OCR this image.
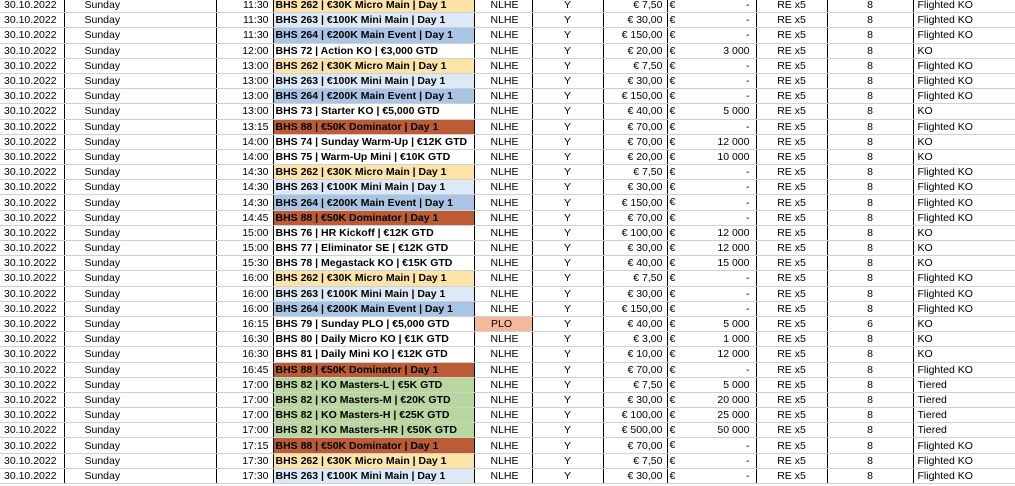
30.10.2022	Sunday	11:30	BHS 262 | €30K Micro Main | Day 1	NLHE	Y	€ 7,50	€ -	RE x5	8	Flighted KO
30.10.2022	Sunday	11:30	BHS 263 | €100K Mini Main | Day 1	NLHE	Y	€ 30,00	€ -	RE x5	8	Flighted KO
30.10.2022	Sunday	11:30	BHS 264 | €200K Main Event | Day 1	NLHE	Y	€ 150,00	€ -	RE x5	8	Flighted KO
30.10.2022	Sunday	12:00	BHS 72 | Action KO | €3,000 GTD	NLHE	Y	€ 20,00	€ 3 000	RE x5	8	KO
30.10.2022	Sunday	13:00	BHS 262 | €30K Micro Main | Day 1	NLHE	Y	€ 7,50	€ -	RE x5	8	Flighted KO
30.10.2022	Sunday	13:00	BHS 263 | €100K Mini Main | Day 1	NLHE	Y	€ 30,00	€ -	RE x5	8	Flighted KO
30.10.2022	Sunday	13:00	BHS 264 | €200K Main Event | Day 1	NLHE	Y	€ 150,00	€ -	RE x5	8	Flighted KO
30.10.2022	Sunday	13:00	BHS 73 | Starter KO | €5,000 GTD	NLHE	Y	€ 40,00	€ 5 000	RE x5	8	KO
30.10.2022	Sunday	13:15	BHS 88 | €50K Dominator | Day 1	NLHE	Y	€ 70,00	€ -	RE x5	8	Flighted KO
30.10.2022	Sunday	14:00	BHS 74 | Sunday Warm-Up | €12K GTD	NLHE	Y	€ 70,00	€ 12 000	RE x5	8	KO
30.10.2022	Sunday	14:00	BHS 75 | Warm-Up Mini | €10K GTD	NLHE	Y	€ 20,00	€ 10 000	RE x5	8	KO
30.10.2022	Sunday	14:30	BHS 262 | €30K Micro Main | Day 1	NLHE	Y	€ 7,50	€ -	RE x5	8	Flighted KO
30.10.2022	Sunday	14:30	BHS 263 | €100K Mini Main | Day 1	NLHE	Y	€ 30,00	€ -	RE x5	8	Flighted KO
30.10.2022	Sunday	14:30	BHS 264 | €200K Main Event | Day 1	NLHE	Y	€ 150,00	€ -	RE x5	8	Flighted KO
30.10.2022	Sunday	14:45	BHS 88 | €50K Dominator | Day 1	NLHE	Y	€ 70,00	€ -	RE x5	8	Flighted KO
30.10.2022	Sunday	15:00	BHS 76 | HR Kickoff | €12K GTD	NLHE	Y	€ 100,00	€ 12 000	RE x5	8	KO
30.10.2022	Sunday	15:00	BHS 77 | Eliminator SE | €12K GTD	NLHE	Y	€ 30,00	€ 12 000	RE x5	8	KO
30.10.2022	Sunday	15:30	BHS 78 | Megastack KO | €15K GTD	NLHE	Y	€ 40,00	€ 15 000	RE x5	8	KO
30.10.2022	Sunday	16:00	BHS 262 | €30K Micro Main | Day 1	NLHE	Y	€ 7,50	€ -	RE x5	8	Flighted KO
30.10.2022	Sunday	16:00	BHS 263 | €100K Mini Main | Day 1	NLHE	Y	€ 30,00	€ -	RE x5	8	Flighted KO
30.10.2022	Sunday	16:00	BHS 264 | €200K Main Event | Day 1	NLHE	Y	€ 150,00	€ -	RE x5	8	Flighted KO
30.10.2022	Sunday	16:15	BHS 79 | Sunday PLO | €5,000 GTD	PLO	Y	€ 40,00	€ 5 000	RE x5	6	KO
30.10.2022	Sunday	16:30	BHS 80 | Daily Micro KO | €1K GTD	NLHE	Y	€ 3,00	€ 1 000	RE x5	8	KO
30.10.2022	Sunday	16:30	BHS 81 | Daily Mini KO | €12K GTD	NLHE	Y	€ 10,00	€ 12 000	RE x5	8	KO
30.10.2022	Sunday	16:45	BHS 88 | €50K Dominator | Day 1	NLHE	Y	€ 70,00	€ -	RE x5	8	Flighted KO
30.10.2022	Sunday	17:00	BHS 82 | KO Masters-L | €5K GTD	NLHE	Y	€ 7,50	€ 5 000	RE x5	8	Tiered
30.10.2022	Sunday	17:00	BHS 82 | KO Masters-M | €20K GTD	NLHE	Y	€ 30,00	€ 20 000	RE x5	8	Tiered
30.10.2022	Sunday	17:00	BHS 82 | KO Masters-H | €25K GTD	NLHE	Y	€ 100,00	€ 25 000	RE x5	8	Tiered
30.10.2022	Sunday	17:00	BHS 82 | KO Masters-HR | €50K GTD	NLHE	Y	€ 500,00	€ 50 000	RE x5	8	Tiered
30.10.2022	Sunday	17:15	BHS 88 | €50K Dominator | Day 1	NLHE	Y	€ 70,00	€ -	RE x5	8	Flighted KO
30.10.2022	Sunday	17:30	BHS 262 | €30K Micro Main | Day 1	NLHE	Y	€ 7,50	€ -	RE x5	8	Flighted KO
30.10.2022	Sunday	17:30	BHS 263 | €100K Mini Main | Day 1	NLHE	Y	€ 30,00	€ -	RE x5	8	Flighted KO
